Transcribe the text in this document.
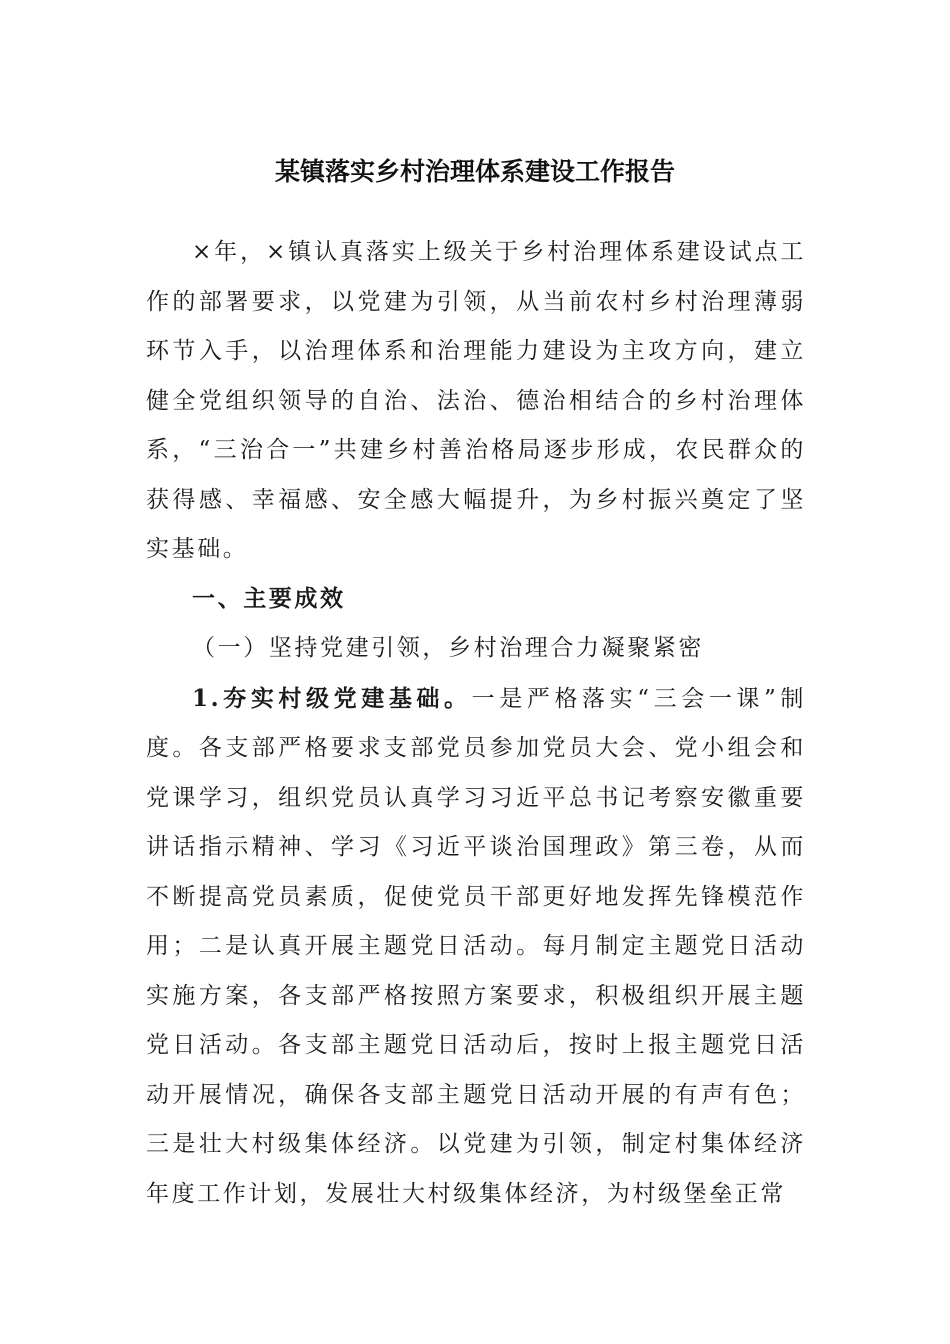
某镇落实乡村治理体系建设工作报告

×年，×镇认真落实上级关于乡村治理体系建设试点工作的部署要求，以党建为引领，从当前农村乡村治理薄弱环节入手，以治理体系和治理能力建设为主攻方向，建立健全党组织领导的自治、法治、德治相结合的乡村治理体系，“三治合一”共建乡村善治格局逐步形成，农民群众的获得感、幸福感、安全感大幅提升，为乡村振兴奠定了坚实基础。

一、主要成效

（一）坚持党建引领，乡村治理合力凝聚紧密

1.夯实村级党建基础。一是严格落实“三会一课”制度。各支部严格要求支部党员参加党员大会、党小组会和党课学习，组织党员认真学习习近平总书记考察安徽重要讲话指示精神、学习《习近平谈治国理政》第三卷，从而不断提高党员素质，促使党员干部更好地发挥先锋模范作用；二是认真开展主题党日活动。每月制定主题党日活动实施方案，各支部严格按照方案要求，积极组织开展主题党日活动。各支部主题党日活动后，按时上报主题党日活动开展情况，确保各支部主题党日活动开展的有声有色；三是壮大村级集体经济。以党建为引领，制定村集体经济年度工作计划，发展壮大村级集体经济，为村级堡垒正常
